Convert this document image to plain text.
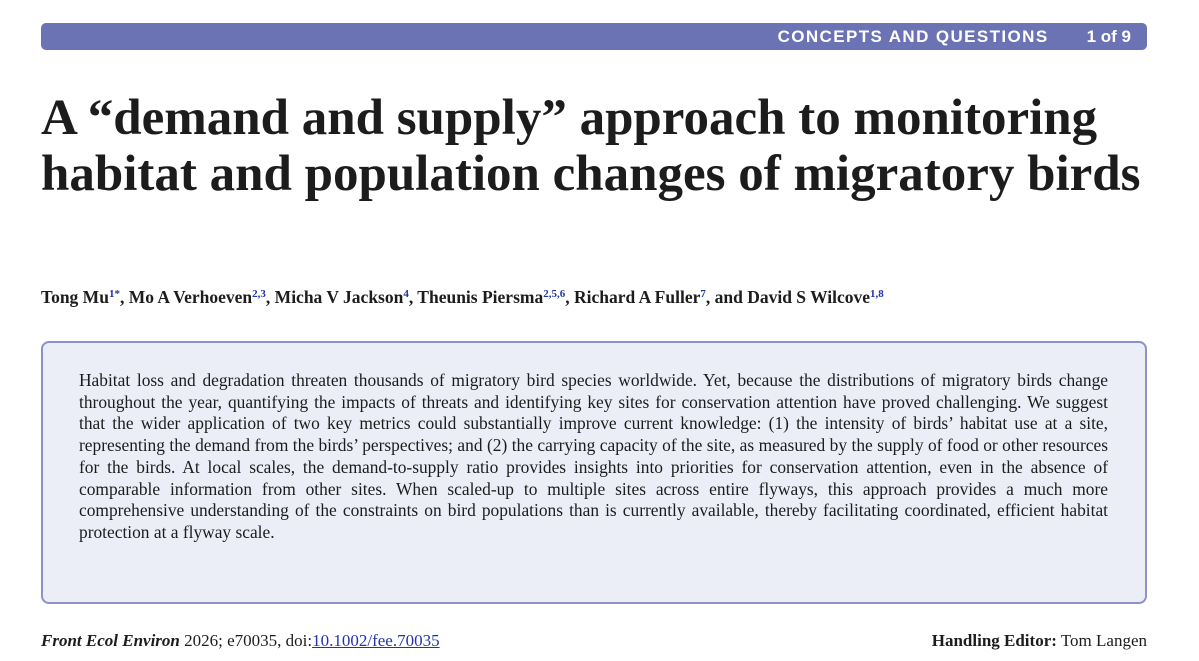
CONCEPTS AND QUESTIONS 1 of 9
A “demand and supply” approach to monitoring habitat and population changes of migratory birds
Tong $Mu^{1*}$, Mo A Verhoeven$^{2,3}$, Micha V Jackson$^4$, Theunis Piersma$^{2,5,6}$, Richard A Fuller$^7$, and David S Wilcove$^{1,8}$

Habitat loss and degradation threaten thousands of migratory bird species worldwide. Yet, because the distributions of migratory birds change throughout the year, quantifying the impacts of threats and identifying key sites for conservation attention have proved challenging. We suggest that the wider application of two key metrics could substantially improve current knowledge: (1) the intensity of birds’ habitat use at a site, representing the demand from the birds’ perspectives; and (2) the carrying capacity of the site, as measured by the supply of food or other resources for the birds. At local scales, the demand-to-supply ratio provides insights into priorities for conservation attention, even in the absence of comparable information from other sites. When scaled-up to multiple sites across entire flyways, this approach provides a much more comprehensive understanding of the constraints on bird populations than is currently available, thereby facilitating coordinated, efficient habitat protection at a flyway scale.

Front Ecol Environ 2026; e70035, doi:10.1002/fee.70035	Handling Editor: Tom Langen
